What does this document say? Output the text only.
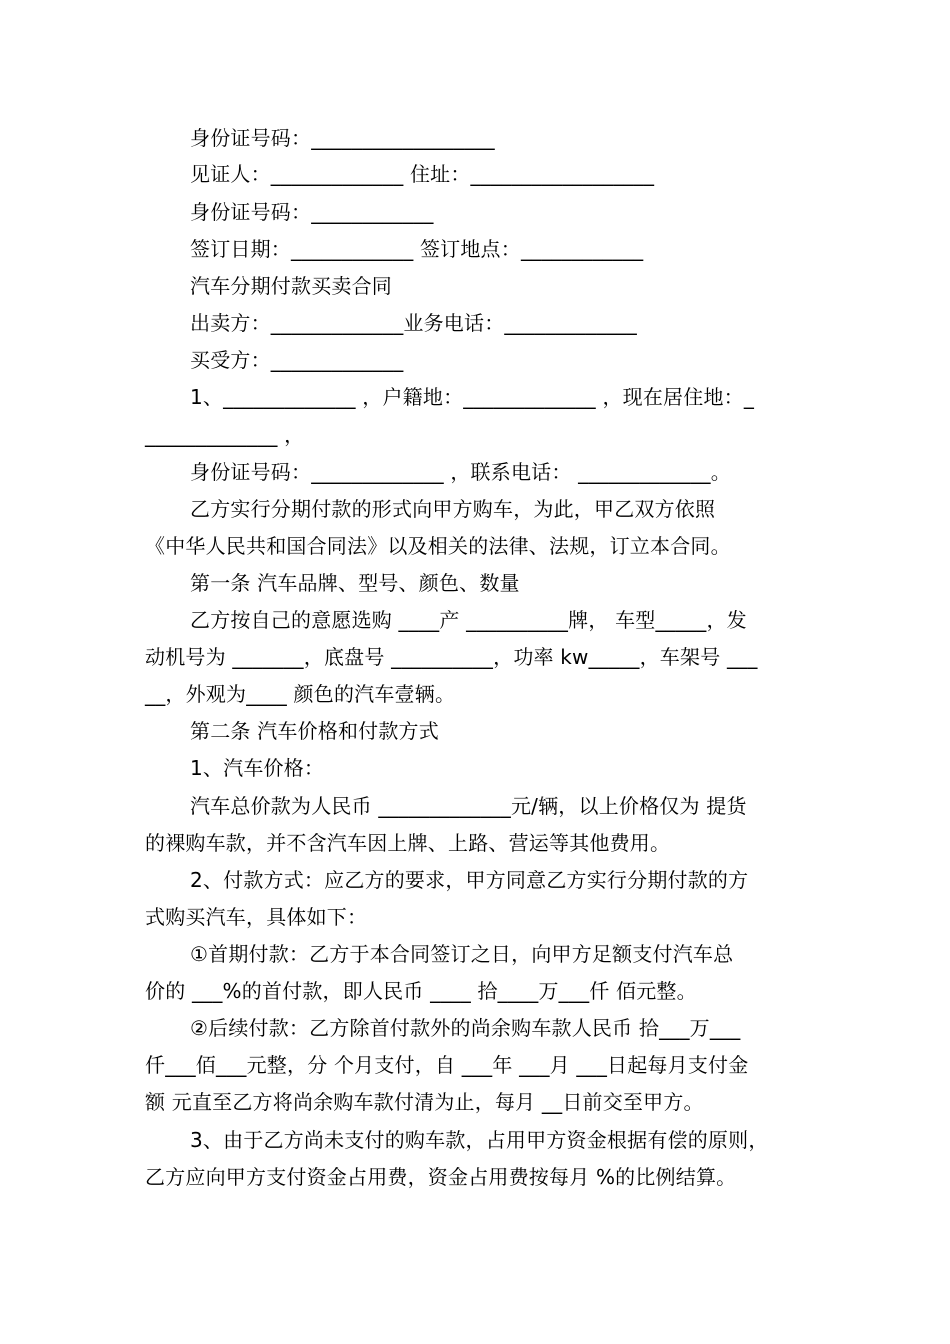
身份证号码：__________________
见证人：_____________ 住址：__________________
身份证号码：____________
签订日期：____________ 签订地点：____________
汽车分期付款买卖合同
出卖方：_____________业务电话：_____________
买受方：_____________
1、_____________ ，户籍地：_____________ ，现在居住地：_
_____________ ，
身份证号码：_____________ ，联系电话： _____________。
乙方实行分期付款的形式向甲方购车，为此，甲乙双方依照
《中华人民共和国合同法》以及相关的法律、法规，订立本合同。
第一条 汽车品牌、型号、颜色、数量
乙方按自己的意愿选购 ____产 __________牌， 车型_____，发
动机号为 _______，底盘号 __________，功率 kw_____，车架号 ___
__，外观为____ 颜色的汽车壹辆。
第二条 汽车价格和付款方式
1、汽车价格：
汽车总价款为人民币 _____________元/辆，以上价格仅为 提货
的裸购车款，并不含汽车因上牌、上路、营运等其他费用。
2、付款方式：应乙方的要求，甲方同意乙方实行分期付款的方
式购买汽车，具体如下：
①首期付款：乙方于本合同签订之日，向甲方足额支付汽车总
价的 ___%的首付款，即人民币 ____ 拾____万___仟 佰元整。
②后续付款：乙方除首付款外的尚余购车款人民币 拾___万___
仟___佰___元整，分 个月支付，自 ___年 ___月 ___日起每月支付金
额 元直至乙方将尚余购车款付清为止，每月 __日前交至甲方。
3、由于乙方尚未支付的购车款，占用甲方资金根据有偿的原则，
乙方应向甲方支付资金占用费，资金占用费按每月 %的比例结算。
